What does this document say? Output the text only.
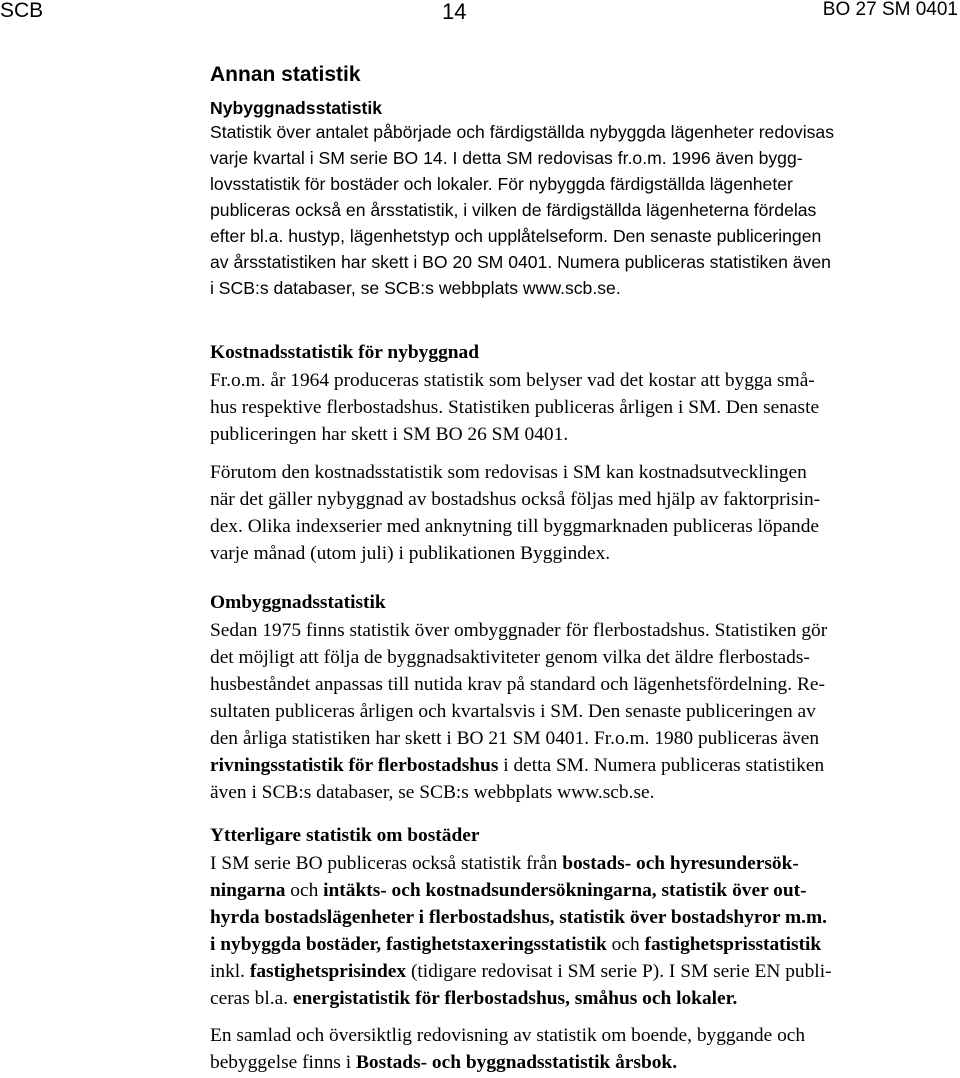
SCB	14	BO 27 SM 0401
Annan statistik
Nybyggnadsstatistik
Statistik över antalet påbörjade och färdigställda nybyggda lägenheter redovisas
varje kvartal i SM serie BO 14. I detta SM redovisas fr.o.m. 1996 även bygg-
lovsstatistik för bostäder och lokaler. För nybyggda färdigställda lägenheter
publiceras också en årsstatistik, i vilken de färdigställda lägenheterna fördelas
efter bl.a. hustyp, lägenhetstyp och upplåtelseform. Den senaste publiceringen
av årsstatistiken har skett i BO 20 SM 0401. Numera publiceras statistiken även
i SCB:s databaser, se SCB:s webbplats www.scb.se.
Kostnadsstatistik för nybyggnad
Fr.o.m. år 1964 produceras statistik som belyser vad det kostar att bygga små-
hus respektive flerbostadshus. Statistiken publiceras årligen i SM. Den senaste
publiceringen har skett i SM BO 26 SM 0401.
Förutom den kostnadsstatistik som redovisas i SM kan kostnadsutvecklingen
när det gäller nybyggnad av bostadshus också följas med hjälp av faktorprisin-
dex. Olika indexserier med anknytning till byggmarknaden publiceras löpande
varje månad (utom juli) i publikationen Byggindex.
Ombyggnadsstatistik
Sedan 1975 finns statistik över ombyggnader för flerbostadshus. Statistiken gör
det möjligt att följa de byggnadsaktiviteter genom vilka det äldre flerbostads-
husbeståndet anpassas till nutida krav på standard och lägenhetsfördelning. Re-
sultaten publiceras årligen och kvartalsvis i SM. Den senaste publiceringen av
den årliga statistiken har skett i BO 21 SM 0401. Fr.o.m. 1980 publiceras även
rivningsstatistik för flerbostadshus i detta SM. Numera publiceras statistiken
även i SCB:s databaser, se SCB:s webbplats www.scb.se.
Ytterligare statistik om bostäder
I SM serie BO publiceras också statistik från bostads- och hyresundersök-
ningarna och intäkts- och kostnadsundersökningarna, statistik över out-
hyrda bostadslägenheter i flerbostadshus, statistik över bostadshyror m.m.
i nybyggda bostäder, fastighetstaxeringsstatistik och fastighetsprisstatistik
inkl. fastighetsprisindex (tidigare redovisat i SM serie P). I SM serie EN publi-
ceras bl.a. energistatistik för flerbostadshus, småhus och lokaler.
En samlad och översiktlig redovisning av statistik om boende, byggande och
bebyggelse finns i Bostads- och byggnadsstatistik årsbok.
